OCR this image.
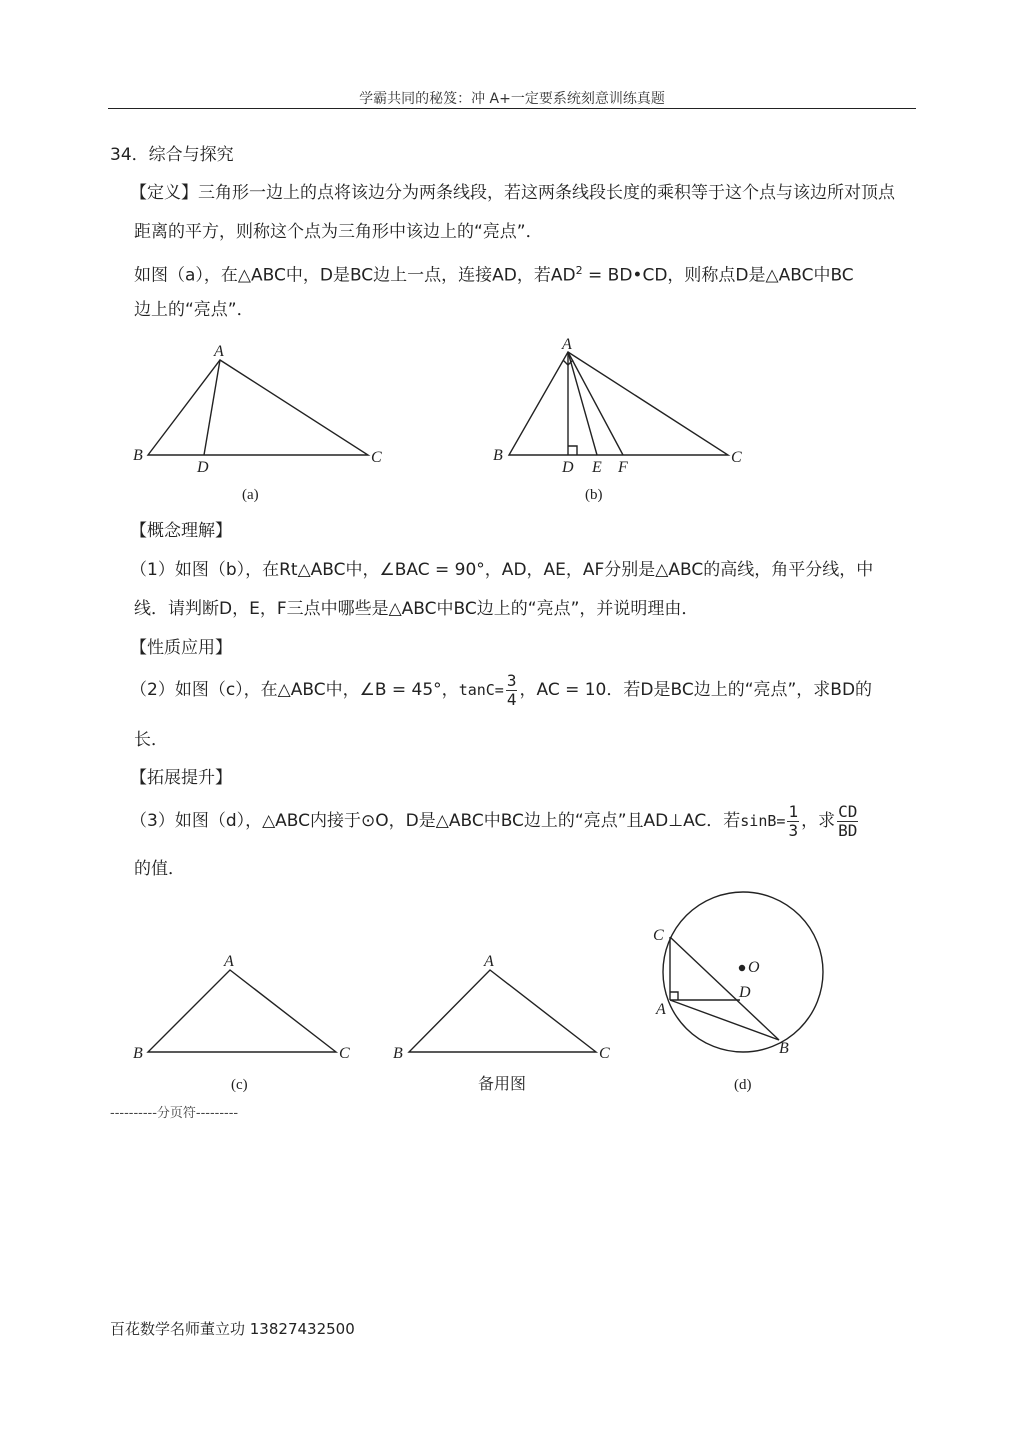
学霸共同的秘笈：冲 A+一定要系统刻意训练真题
34．综合与探究
【定义】三角形一边上的点将该边分为两条线段，若这两条线段长度的乘积等于这个点与该边所对顶点
距离的平方，则称这个点为三角形中该边上的“亮点”．
如图（a），在△ABC中，D是BC边上一点，连接AD，若$AD^2$ = BD•CD，则称点D是△ABC中BC
边上的“亮点”．
【概念理解】
（1）如图（b），在Rt△ABC中，∠BAC = 90°，AD，AE，AF分别是△ABC的高线，角平分线，中
线．请判断D，E，F三点中哪些是△ABC中BC边上的“亮点”，并说明理由．
【性质应用】
（2）如图（c），在△ABC中，∠B = 45°，$\tan C= \frac{3}{4}$ ，AC = 10．若D是BC边上的“亮点”，求BD的
长．
【拓展提升】
（3）如图（d），△ABC内接于⊙O，D是△ABC中BC边上的“亮点”且AD⊥AC．若$\sin B= \frac{1}{3}$ ，求 $\frac{CD}{BD}$
的值．
A
B	C
D
(a)
A
B	C
D E F
(b)
A
B	C
(c)
A
B	C
备用图
O
C
A
D
B
(d)
----------分页符---------
百花数学名师董立功 13827432500
